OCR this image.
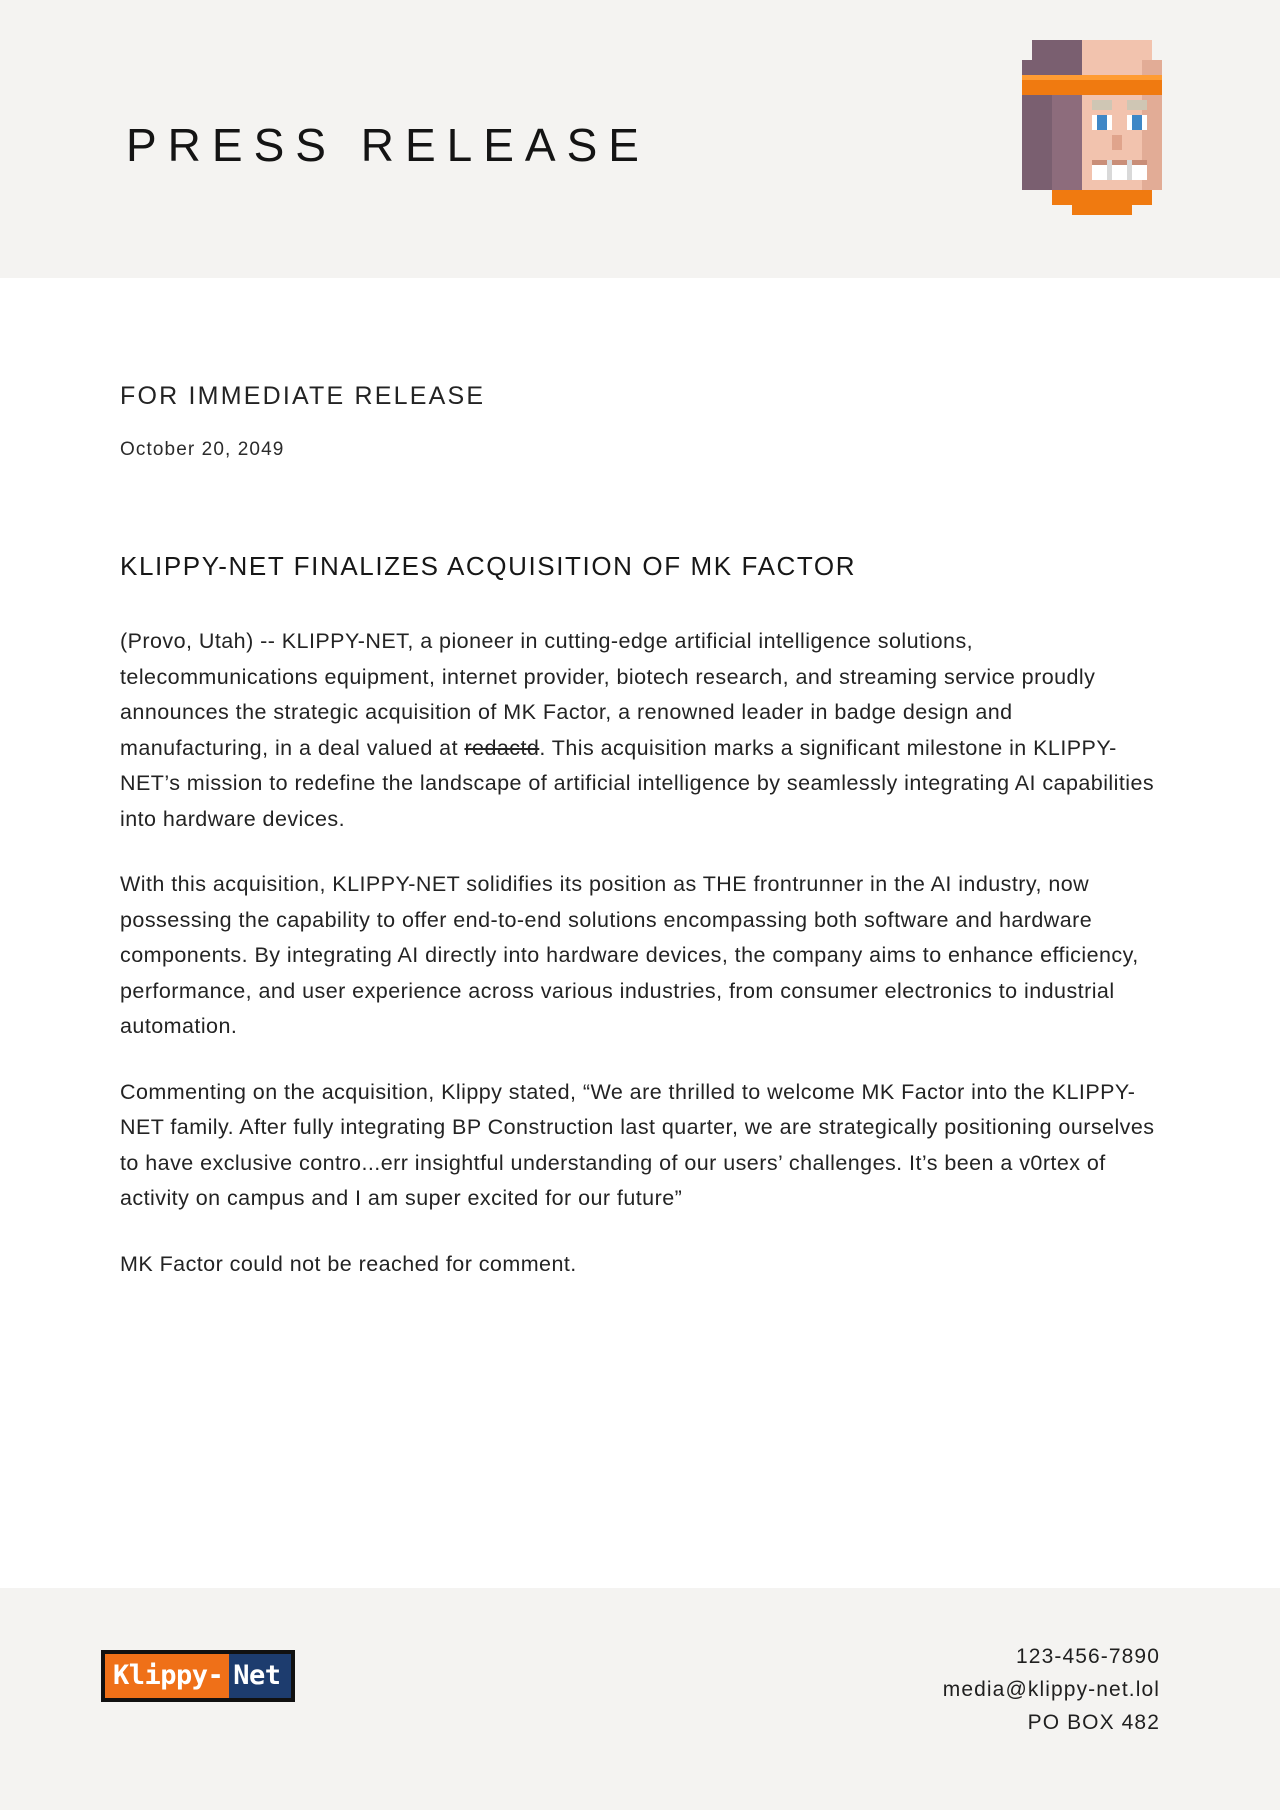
PRESS RELEASE
FOR IMMEDIATE RELEASE
October 20, 2049
KLIPPY-NET FINALIZES ACQUISITION OF MK FACTOR

(Provo, Utah) -- KLIPPY-NET, a pioneer in cutting-edge artificial intelligence solutions, telecommunications equipment, internet provider, biotech research, and streaming service proudly announces the strategic acquisition of MK Factor, a renowned leader in badge design and manufacturing, in a deal valued at redactd. This acquisition marks a significant milestone in KLIPPY-NET’s mission to redefine the landscape of artificial intelligence by seamlessly integrating AI capabilities into hardware devices.

With this acquisition, KLIPPY-NET solidifies its position as THE frontrunner in the AI industry, now possessing the capability to offer end-to-end solutions encompassing both software and hardware components. By integrating AI directly into hardware devices, the company aims to enhance efficiency, performance, and user experience across various industries, from consumer electronics to industrial automation.

Commenting on the acquisition, Klippy stated, “We are thrilled to welcome MK Factor into the KLIPPY-NET family. After fully integrating BP Construction last quarter, we are strategically positioning ourselves to have exclusive contro...err insightful understanding of our users’ challenges. It’s been a v0rtex of activity on campus and I am super excited for our future”

MK Factor could not be reached for comment.

Klippy- Net
123-456-7890
media@klippy-net.lol
PO BOX 482
